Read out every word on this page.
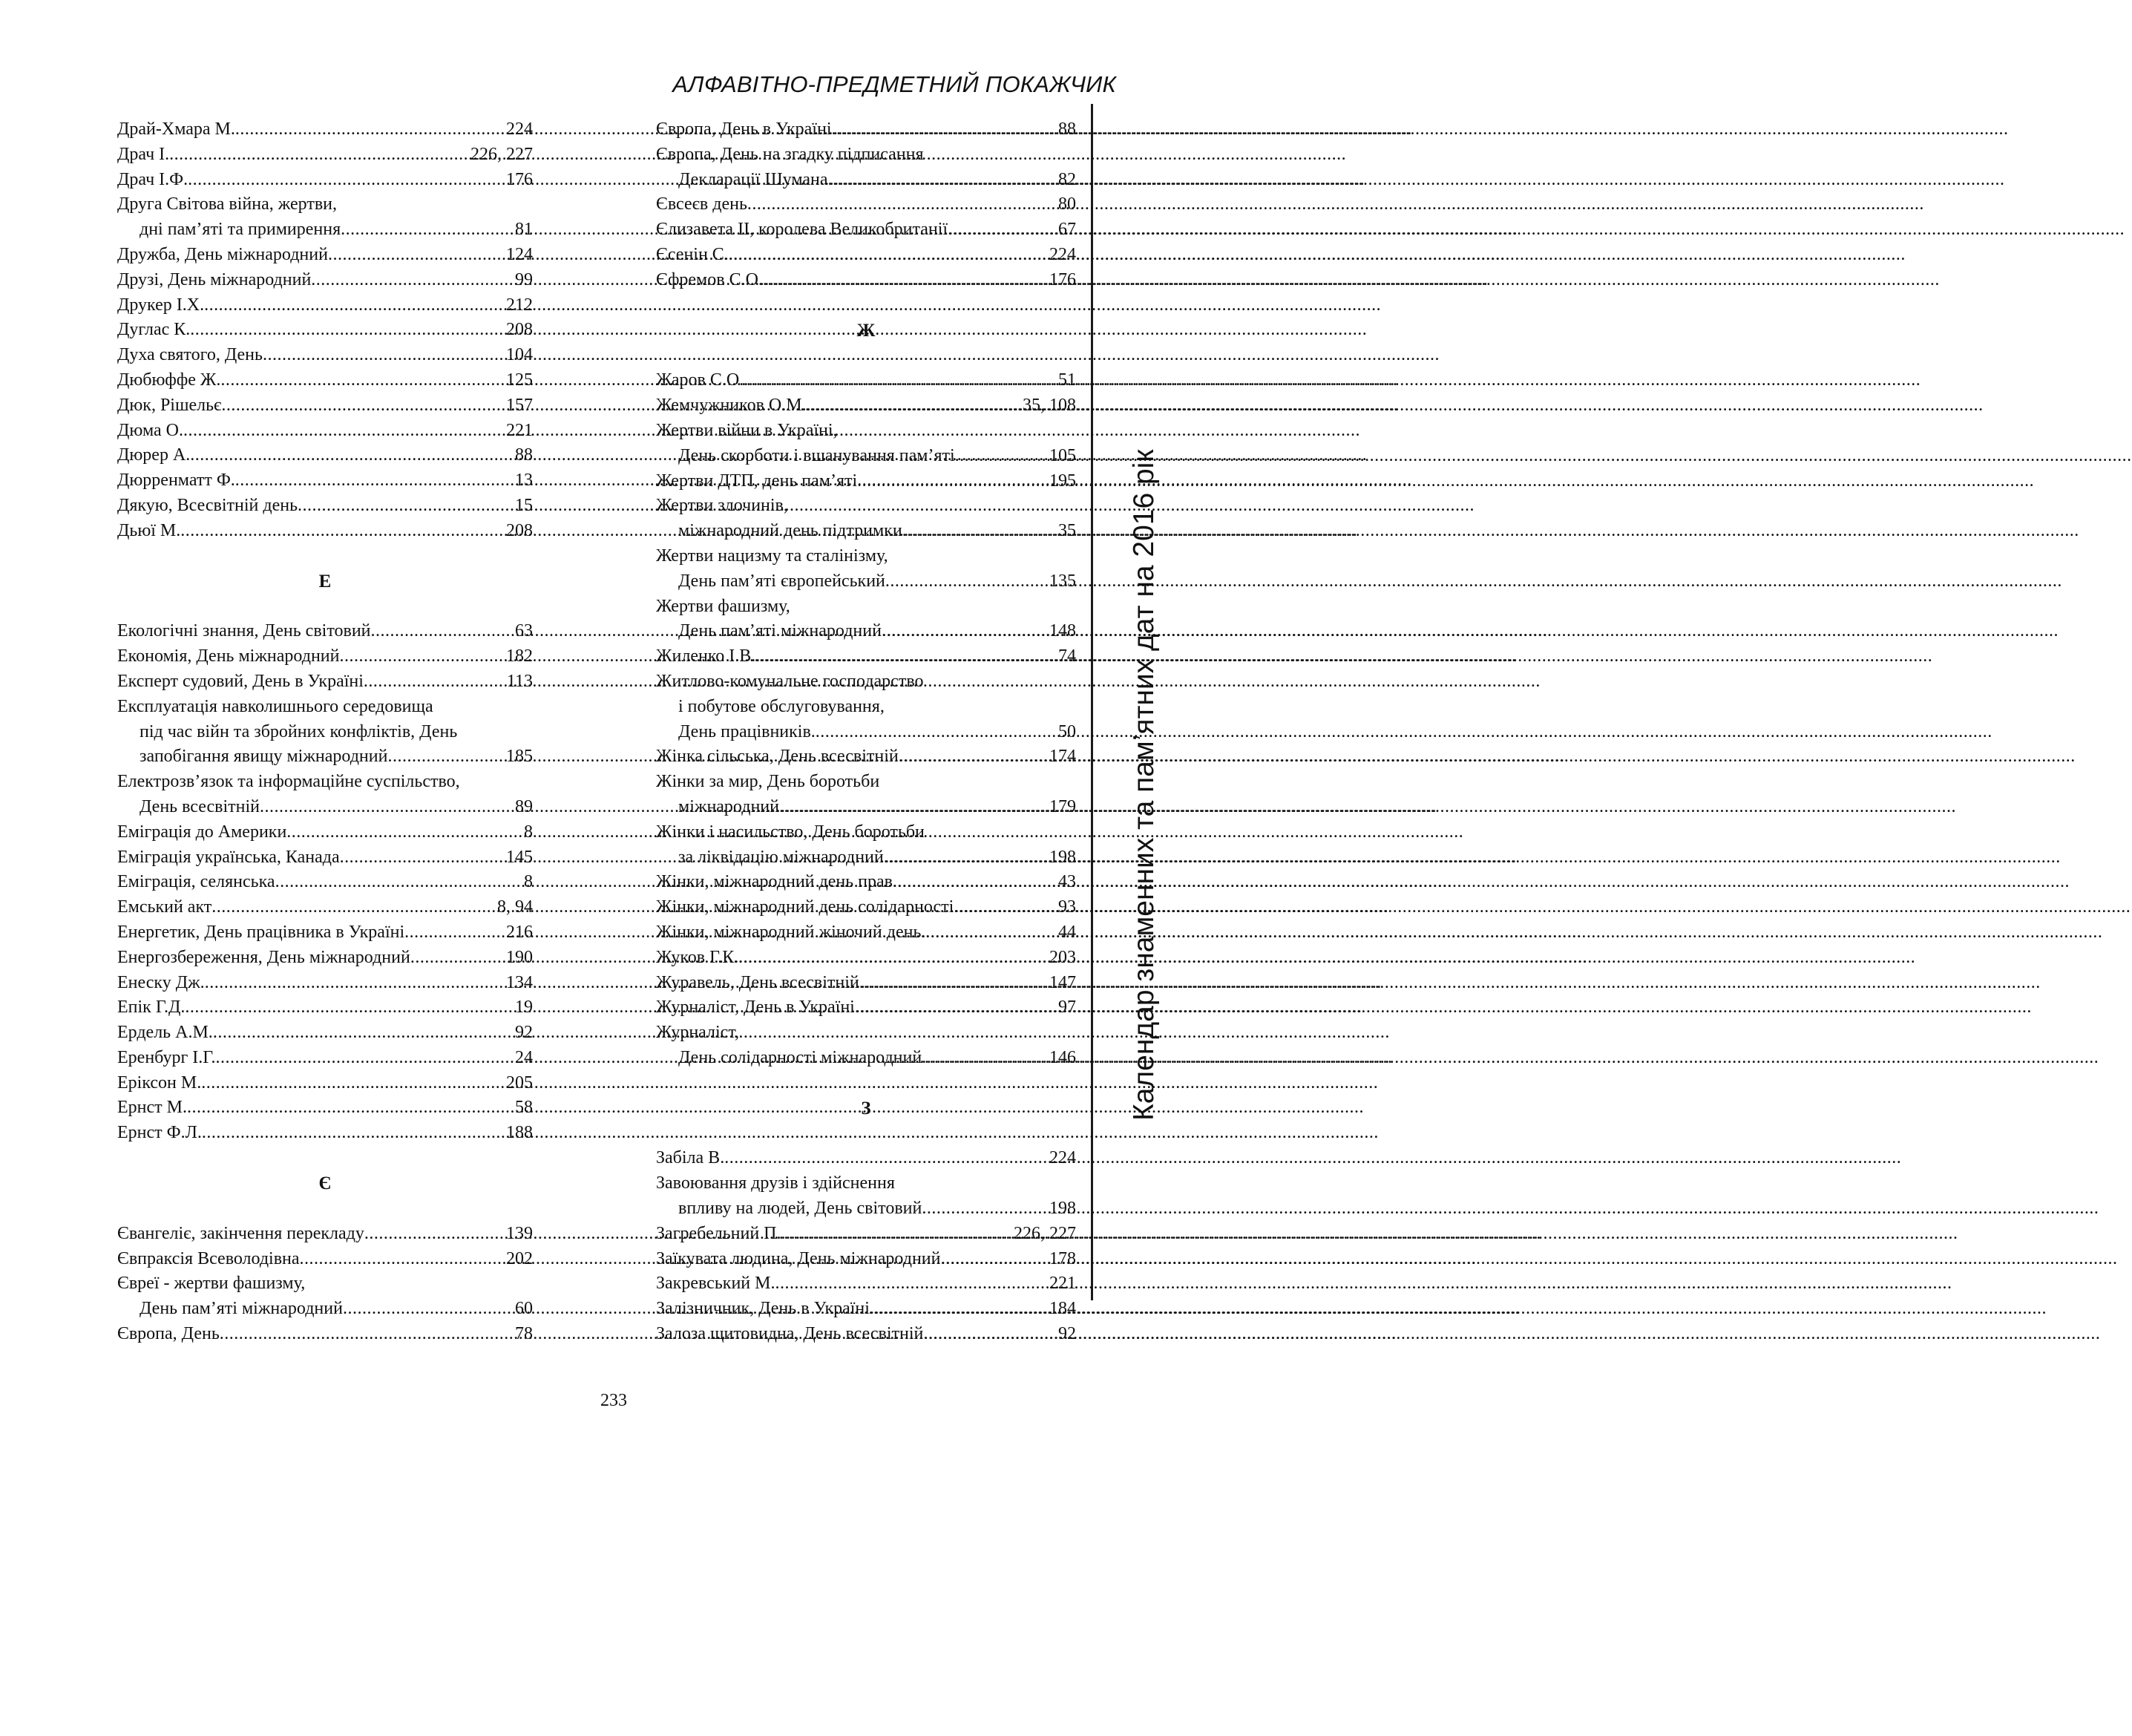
АЛФАВІТНО-ПРЕДМЕТНИЙ ПОКАЖЧИК
Календар знаменних та пам’ятних дат на 2016 рік
Драй-Хмара М. .....	224
Драч І. .....	226, 227
Драч І.Ф. .....	176
Друга Світова війна, жертви,
дні пам’яті та примирення .....	81
Дружба, День міжнародний .....	124
Друзі, День міжнародний .....	99
Друкер І.Х. .....	212
Дуглас К. .....	208
Духа святого, День .....	104
Дюбюффе Ж. .....	125
Дюк, Рішельє .....	157
Дюма О. .....	221
Дюрер А. .....	88
Дюрренматт Ф. .....	13
Дякую, Всесвітній день .....	15
Дьюї М. .....	208
Е
Екологічні знання, День світовий .....	63
Економія, День міжнародний .....	182
Експерт судовий, День в Україні .....	113
Експлуатація навколишнього середовища
під час війн та збройних конфліктів, День
запобігання явищу міжнародний .....	185
Електрозв’язок та інформаційне суспільство,
День всесвітній .....	89
Еміграція до Америки .....	8
Еміграція українська, Канада .....	145
Еміграція, селянська .....	8
Емський акт .....	8, 94
Енергетик, День працівника в Україні .....	216
Енергозбереження, День міжнародний .....	190
Енеску Дж. .....	134
Епік Г.Д. .....	19
Ердель А.М. .....	92
Еренбург І.Г. .....	24
Еріксон М. .....	205
Ернст М. .....	58
Ернст Ф.Л. .....	188
Є
Євангеліє, закінчення перекладу .....	139
Євпраксія Всеволодівна .....	202
Євреї - жертви фашизму,
День пам’яті міжнародний .....	60
Європа, День .....	78
Європа, День в Україні .....	88
Європа, День на згадку підписання
Декларації Шумана .....	82
Євсеєв день .....	80
Єлизавета ІІ, королева Великобританії .....	67
Єсенін С. .....	224
Єфремов С.О. .....	176
Ж
Жаров С.О. .....	51
Жемчужников О.М. .....	35, 108
Жертви війни в Україні,
День скорботи і вшанування пам’яті .....	105
Жертви ДТП, день пам’яті .....	195
Жертви злочинів,
міжнародний день підтримки .....	35
Жертви нацизму та сталінізму,
День пам’яті європейський .....	135
Жертви фашизму,
День пам’яті міжнародний .....	148
Жиленко І.В. .....	74
Житлово-комунальне господарство
і побутове обслуговування,
День працівників. .....	50
Жінка сільська, День всесвітній .....	174
Жінки за мир, День боротьби
міжнародний .....	179
Жінки і насильство, День боротьби
за ліквідацію міжнародний .....	198
Жінки, міжнародний день прав .....	43
Жінки, міжнародний день солідарності .....	93
Жінки, міжнародний жіночий день. .....	44
Жуков Г.К. .....	203
Журавель, День всесвітній. .....	147
Журналіст, День в Україні .....	97
Журналіст,
День солідарності міжнародний .....	146
З
Забіла В. .....	224
Завоювання друзів і здійснення
впливу на людей, День світовий .....	198
Загребельний П. .....	226, 227
Заїкувата людина, День міжнародний .....	178
Закревський М. .....	221
Залізничник, День в Україні .....	184
Залоза щитовидна, День всесвітній .....	92
233
